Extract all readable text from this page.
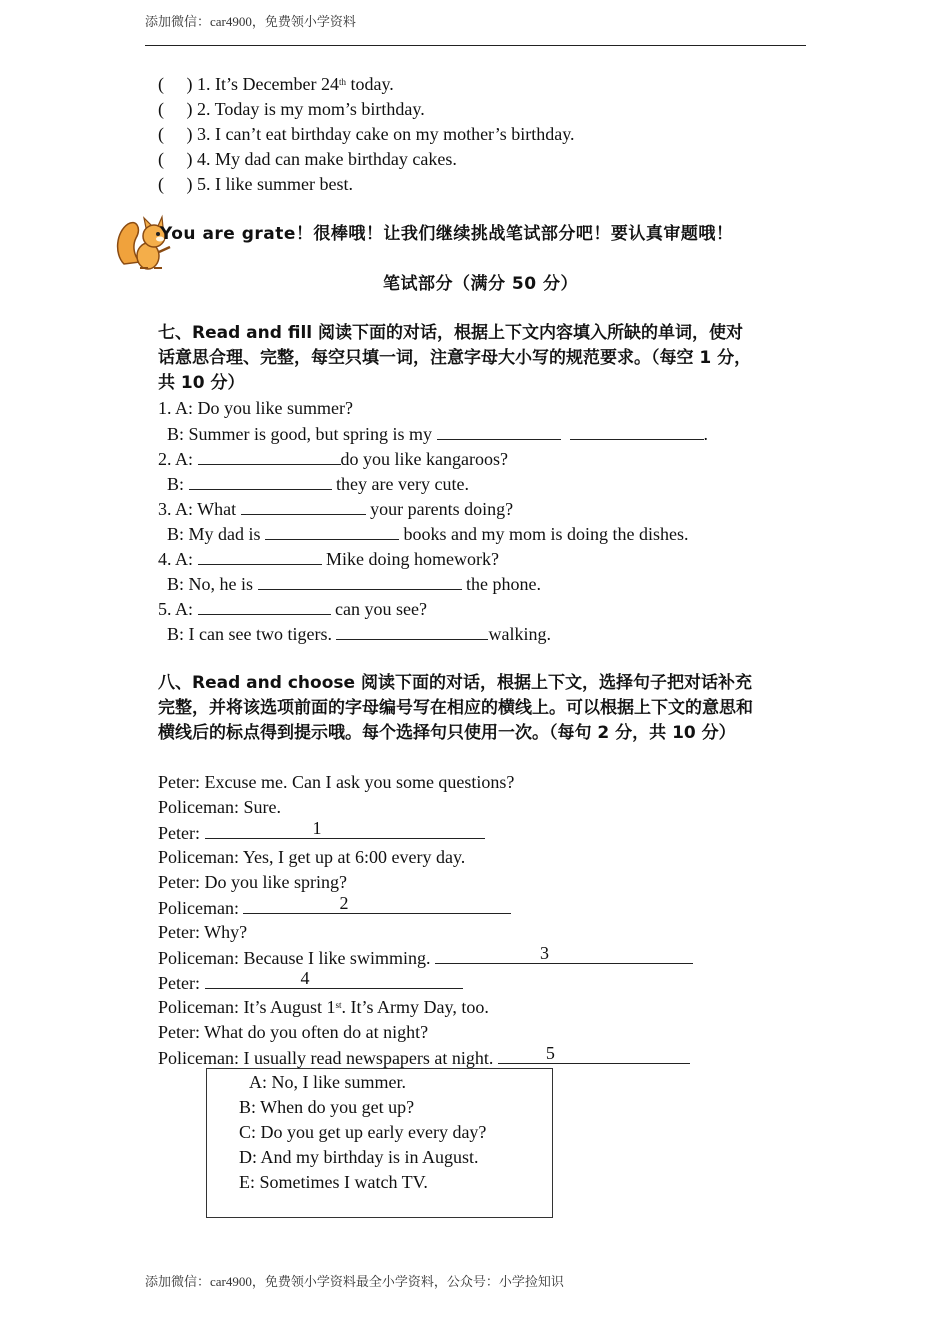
添加微信：car4900，免费领小学资料
(     ) 1. It’s December 24th today.
(     ) 2. Today is my mom’s birthday.
(     ) 3. I can’t eat birthday cake on my mother’s birthday.
(     ) 4. My dad can make birthday cakes.
(     ) 5. I like summer best.
You are grate！很棒哦！让我们继续挑战笔试部分吧！要认真审题哦！
笔试部分（满分 50 分）
七、Read and fill 阅读下面的对话，根据上下文内容填入所缺的单词，使对话意思合理、完整，每空只填一词，注意字母大小写的规范要求。（每空 1 分，共 10 分）
1. A: Do you like summer?
B: Summer is good, but spring is my	.
2. A:	do you like kangaroos?
B:	they are very cute.
3. A: What	your parents doing?
B: My dad is	books and my mom is doing the dishes.
4. A:	Mike doing homework?
B: No, he is	the phone.
5. A:	can you see?
B: I can see two tigers.	walking.
八、Read and choose 阅读下面的对话，根据上下文，选择句子把对话补充完整，并将该选项前面的字母编号写在相应的横线上。可以根据上下文的意思和横线后的标点得到提示哦。每个选择句只使用一次。（每句 2 分，共 10 分）
Peter: Excuse me. Can I ask you some questions?
Policeman: Sure.
Peter:	1
Policeman: Yes, I get up at 6:00 every day.
Peter: Do you like spring?
Policeman:	2
Peter: Why?
Policeman: Because I like swimming.	3
Peter:	4
Policeman: It’s August 1st. It’s Army Day, too.
Peter: What do you often do at night?
Policeman: I usually read newspapers at night.	5
A: No, I like summer.
B: When do you get up?
C: Do you get up early every day?
D: And my birthday is in August.
E: Sometimes I watch TV.
添加微信：car4900，免费领小学资料最全小学资料，公众号：小学捡知识
